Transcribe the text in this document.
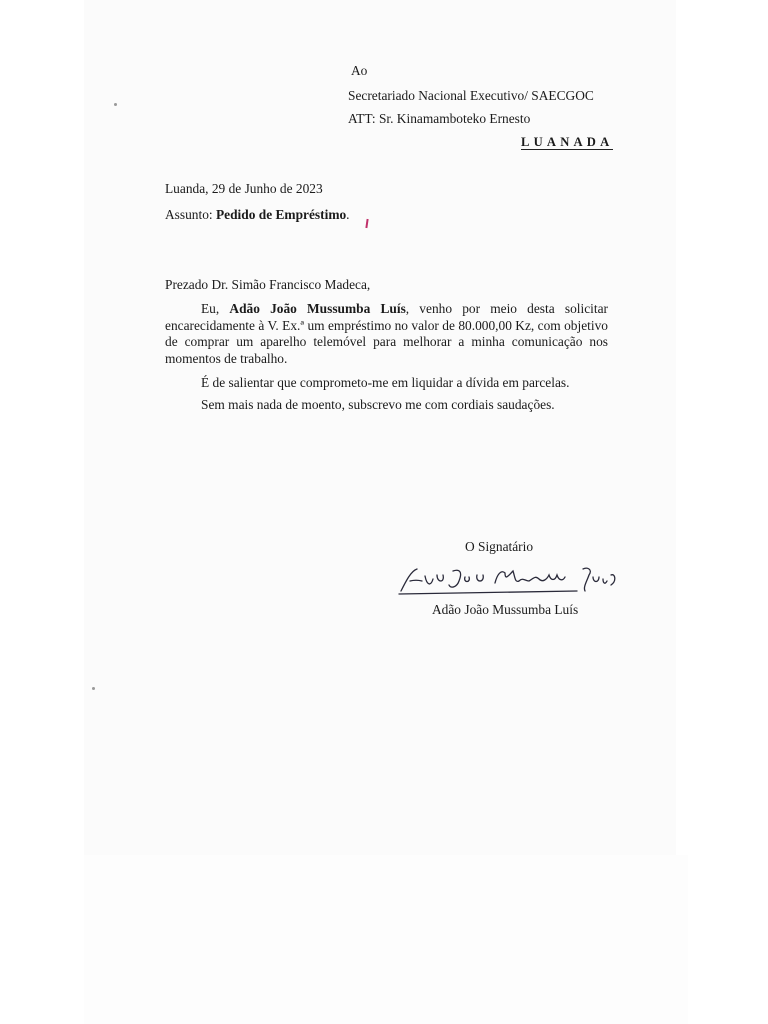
Ao

Secretariado Nacional Executivo/ SAECGOC

ATT: Sr. Kinamamboteko Ernesto

LUANADA

Luanda, 29 de Junho de 2023

Assunto: Pedido de Empréstimo.

Prezado Dr. Simão Francisco Madeca,

Eu, Adão João Mussumba Luís, venho por meio desta solicitar encarecidamente à V. Ex.ª um empréstimo no valor de 80.000,00 Kz, com objetivo de comprar um aparelho telemóvel para melhorar a minha comunicação nos momentos de trabalho.

É de salientar que comprometo-me em liquidar a dívida em parcelas.

Sem mais nada de moento, subscrevo me com cordiais saudações.

O Signatário

Adão João Mussumba Luís
